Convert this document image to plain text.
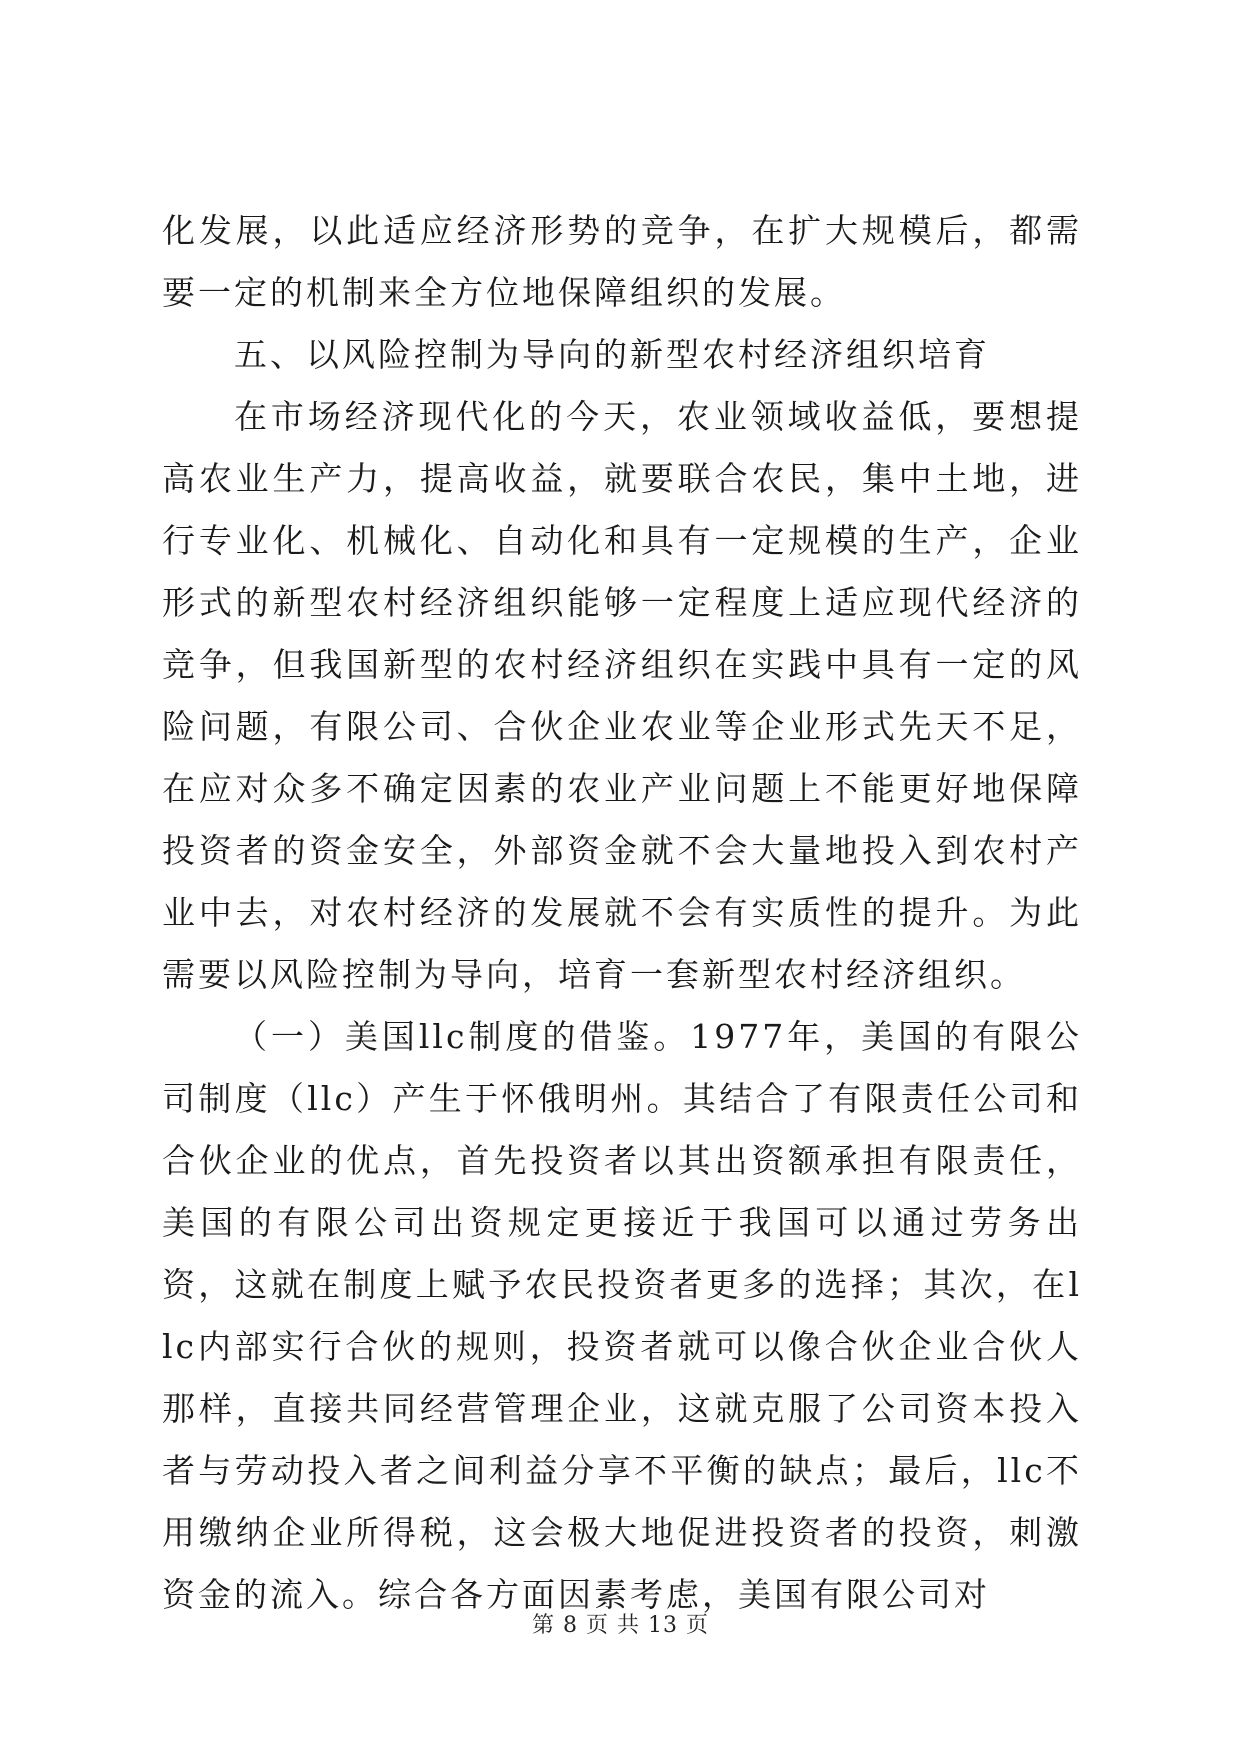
化发展，以此适应经济形势的竞争，在扩大规模后，都需要一定的机制来全方位地保障组织的发展。

五、以风险控制为导向的新型农村经济组织培育

在市场经济现代化的今天，农业领域收益低，要想提高农业生产力，提高收益，就要联合农民，集中土地，进行专业化、机械化、自动化和具有一定规模的生产，企业形式的新型农村经济组织能够一定程度上适应现代经济的竞争，但我国新型的农村经济组织在实践中具有一定的风险问题，有限公司、合伙企业农业等企业形式先天不足，在应对众多不确定因素的农业产业问题上不能更好地保障投资者的资金安全，外部资金就不会大量地投入到农村产业中去，对农村经济的发展就不会有实质性的提升。为此需要以风险控制为导向，培育一套新型农村经济组织。

（一）美国llc制度的借鉴。1977年，美国的有限公司制度（llc）产生于怀俄明州。其结合了有限责任公司和合伙企业的优点，首先投资者以其出资额承担有限责任，美国的有限公司出资规定更接近于我国可以通过劳务出资，这就在制度上赋予农民投资者更多的选择；其次，在llc内部实行合伙的规则，投资者就可以像合伙企业合伙人那样，直接共同经营管理企业，这就克服了公司资本投入者与劳动投入者之间利益分享不平衡的缺点；最后，llc不用缴纳企业所得税，这会极大地促进投资者的投资，刺激资金的流入。综合各方面因素考虑，美国有限公司对

第 8 页 共 13 页
